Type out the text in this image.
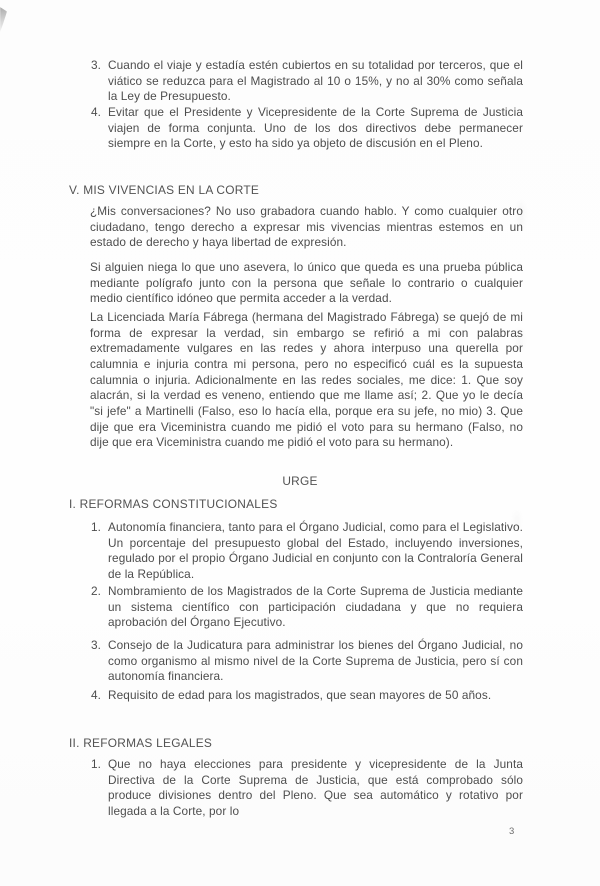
3. Cuando el viaje y estadía estén cubiertos en su totalidad por terceros, que el viático se reduzca para el Magistrado al 10 o 15%, y no al 30% como señala la Ley de Presupuesto.
4. Evitar que el Presidente y Vicepresidente de la Corte Suprema de Justicia viajen de forma conjunta. Uno de los dos directivos debe permanecer siempre en la Corte, y esto ha sido ya objeto de discusión en el Pleno.
V. MIS VIVENCIAS EN LA CORTE
¿Mis conversaciones? No uso grabadora cuando hablo. Y como cualquier otro ciudadano, tengo derecho a expresar mis vivencias mientras estemos en un estado de derecho y haya libertad de expresión.
Si alguien niega lo que uno asevera, lo único que queda es una prueba pública mediante polígrafo junto con la persona que señale lo contrario o cualquier medio científico idóneo que permita acceder a la verdad.
La Licenciada María Fábrega (hermana del Magistrado Fábrega) se quejó de mi forma de expresar la verdad, sin embargo se refirió a mi con palabras extremadamente vulgares en las redes y ahora interpuso una querella por calumnia e injuria contra mi persona, pero no especificó cuál es la supuesta calumnia o injuria. Adicionalmente en las redes sociales, me dice: 1. Que soy alacrán, si la verdad es veneno, entiendo que me llame así; 2. Que yo le decía "si jefe" a Martinelli (Falso, eso lo hacía ella, porque era su jefe, no mio) 3. Que dije que era Viceministra cuando me pidió el voto para su hermano (Falso, no dije que era Viceministra cuando me pidió el voto para su hermano).
URGE
I. REFORMAS CONSTITUCIONALES
1. Autonomía financiera, tanto para el Órgano Judicial, como para el Legislativo. Un porcentaje del presupuesto global del Estado, incluyendo inversiones, regulado por el propio Órgano Judicial en conjunto con la Contraloría General de la República.
2. Nombramiento de los Magistrados de la Corte Suprema de Justicia mediante un sistema científico con participación ciudadana y que no requiera aprobación del Órgano Ejecutivo.
3. Consejo de la Judicatura para administrar los bienes del Órgano Judicial, no como organismo al mismo nivel de la Corte Suprema de Justicia, pero sí con autonomía financiera.
4. Requisito de edad para los magistrados, que sean mayores de 50 años.
II. REFORMAS LEGALES
1. Que no haya elecciones para presidente y vicepresidente de la Junta Directiva de la Corte Suprema de Justicia, que está comprobado sólo produce divisiones dentro del Pleno. Que sea automático y rotativo por llegada a la Corte, por lo
3
